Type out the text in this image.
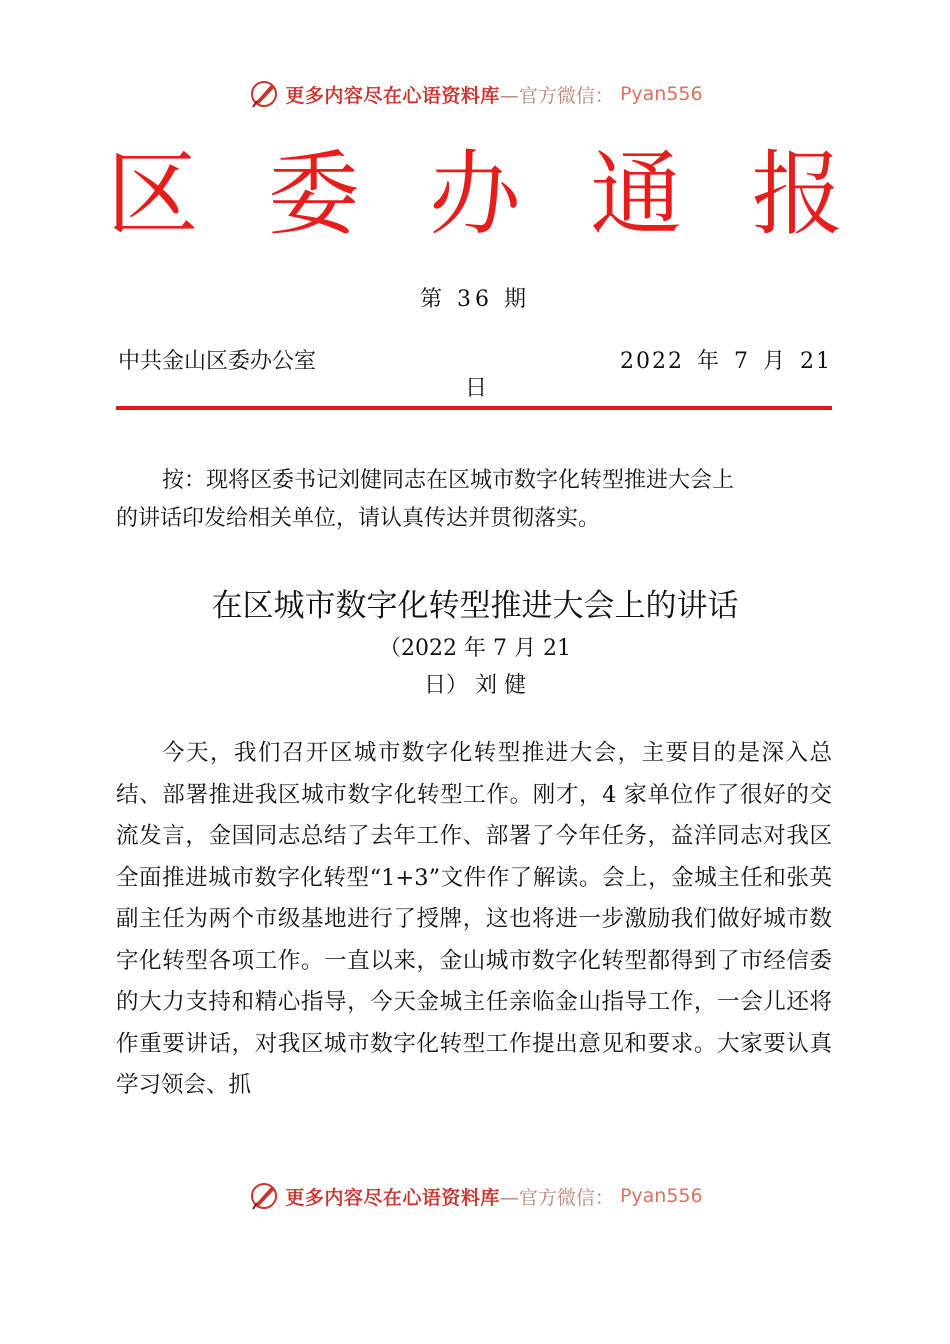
更多内容尽在心语资料库 —官方微信： Pyan556
区 委 办 通 报
第 36 期
中共金山区委办公室	2022 年 7 月 21
日

按：现将区委书记刘健同志在区城市数字化转型推进大会上

的讲话印发给相关单位，请认真传达并贯彻落实。

在区城市数字化转型推进大会上的讲话
（2022 年 7 月 21
日） 刘 健

今天，我们召开区城市数字化转型推进大会，主要目的是深入总结、部署推进我区城市数字化转型工作。刚才，4 家单位作了很好的交流发言，金国同志总结了去年工作、部署了今年任务，益洋同志对我区全面推进城市数字化转型“1+3”文件作了解读。会上，金城主任和张英副主任为两个市级基地进行了授牌，这也将进一步激励我们做好城市数字化转型各项工作。一直以来，金山城市数字化转型都得到了市经信委的大力支持和精心指导，今天金城主任亲临金山指导工作，一会儿还将作重要讲话，对我区城市数字化转型工作提出意见和要求。大家要认真学习领会、抓

更多内容尽在心语资料库 —官方微信： Pyan556
